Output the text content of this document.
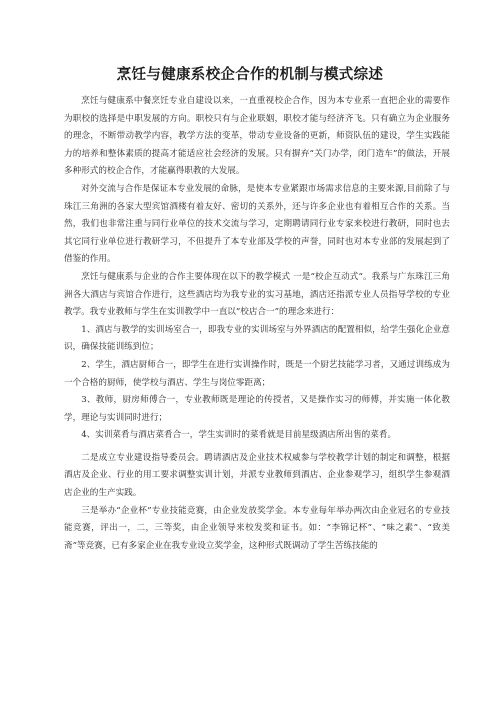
烹饪与健康系校企合作的机制与模式综述

烹饪与健康系中餐烹饪专业自建设以来，一直重视校企合作，因为本专业系一直把企业的需要作为职校的选择是中职发展的方向。职校只有与企业联姻，职校才能与经济齐飞。只有确立为企业服务的理念，不断带动教学内容，教学方法的变革，带动专业设备的更新，师资队伍的建设，学生实践能力的培养和整体素质的提高才能适应社会经济的发展。只有摒弃“关门办学，闭门造车”的做法，开展多种形式的校企合作，才能赢得职教的大发展。

对外交流与合作是保证本专业发展的命脉，是使本专业紧跟市场需求信息的主要来源,目前除了与珠江三角洲的各家大型宾馆酒楼有着友好、密切的关系外，还与许多企业也有着相互合作的关系。当然，我们也非常注重与同行业单位的技术交流与学习，定期聘请同行业专家来校进行教研，同时也去其它同行业单位进行教研学习，不但提升了本专业部及学校的声誉，同时也对本专业部的发展起到了借鉴的作用。

烹饪与健康系与企业的合作主要体现在以下的教学模式 一是“校企互动式“。我系与广东珠江三角洲各大酒店与宾馆合作进行，这些酒店均为我专业的实习基地，酒店还指派专业人员指导学校的专业教学。我专业教师与学生在实训教学中一直以“校店合一”的理念来进行：

1、酒店与教学的实训场室合一，即我专业的实训场室与外界酒店的配置相似，给学生强化企业意识，确保技能训练到位；

2、学生，酒店厨师合一，即学生在进行实训操作时，既是一个厨艺技能学习者，又通过训练成为一个合格的厨师，使学校与酒店、学生与岗位零距离；

3、教师，厨房师傅合一，专业教师既是理论的传授者，又是操作实习的师傅，并实施一体化教学，理论与实训同时进行；

4、实训菜肴与酒店菜肴合一，学生实训时的菜肴就是目前星级酒店所出售的菜肴。

二是成立专业建设指导委员会。聘请酒店及企业技术权威参与学校教学计划的制定和调整，根据酒店及企业、行业的用工要求调整实训计划，并派专业教师到酒店、企业参观学习，组织学生参观酒店企业的生产实践。

三是举办“企业杯”专业技能竞赛，由企业发放奖学金。本专业每年举办两次由企业冠名的专业技能竞赛，评出一，二，三等奖，由企业领导来校发奖和证书。如：“李锦记杯”、“味之素”、“致美斋”等竞赛，已有多家企业在我专业设立奖学金，这种形式既调动了学生苦练技能的
